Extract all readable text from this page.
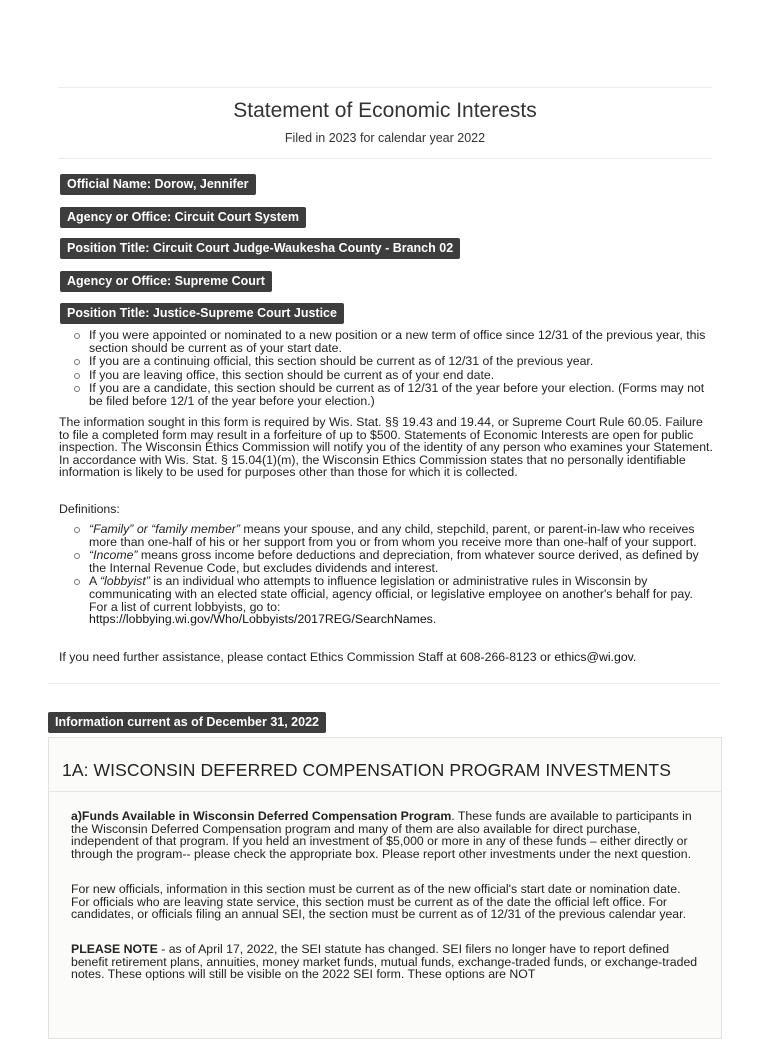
Statement of Economic Interests
Filed in 2023 for calendar year 2022
Official Name: Dorow, Jennifer
Agency or Office: Circuit Court System
Position Title: Circuit Court Judge-Waukesha County - Branch 02
Agency or Office: Supreme Court
Position Title: Justice-Supreme Court Justice
If you were appointed or nominated to a new position or a new term of office since 12/31 of the previous year, this section should be current as of your start date.
If you are a continuing official, this section should be current as of 12/31 of the previous year.
If you are leaving office, this section should be current as of your end date.
If you are a candidate, this section should be current as of 12/31 of the year before your election. (Forms may not be filed before 12/1 of the year before your election.)
The information sought in this form is required by Wis. Stat. §§ 19.43 and 19.44, or Supreme Court Rule 60.05. Failure to file a completed form may result in a forfeiture of up to $500. Statements of Economic Interests are open for public inspection. The Wisconsin Ethics Commission will notify you of the identity of any person who examines your Statement. In accordance with Wis. Stat. § 15.04(1)(m), the Wisconsin Ethics Commission states that no personally identifiable information is likely to be used for purposes other than those for which it is collected.
Definitions:
“Family” or “family member” means your spouse, and any child, stepchild, parent, or parent-in-law who receives more than one-half of his or her support from you or from whom you receive more than one-half of your support.
“Income” means gross income before deductions and depreciation, from whatever source derived, as defined by the Internal Revenue Code, but excludes dividends and interest.
A “lobbyist” is an individual who attempts to influence legislation or administrative rules in Wisconsin by communicating with an elected state official, agency official, or legislative employee on another's behalf for pay. For a list of current lobbyists, go to:
https://lobbying.wi.gov/Who/Lobbyists/2017REG/SearchNames.
If you need further assistance, please contact Ethics Commission Staff at 608-266-8123 or ethics@wi.gov.
Information current as of December 31, 2022
1A: WISCONSIN DEFERRED COMPENSATION PROGRAM INVESTMENTS
a)Funds Available in Wisconsin Deferred Compensation Program. These funds are available to participants in the Wisconsin Deferred Compensation program and many of them are also available for direct purchase, independent of that program. If you held an investment of $5,000 or more in any of these funds – either directly or through the program-- please check the appropriate box. Please report other investments under the next question.
For new officials, information in this section must be current as of the new official's start date or nomination date. For officials who are leaving state service, this section must be current as of the date the official left office. For candidates, or officials filing an annual SEI, the section must be current as of 12/31 of the previous calendar year.
PLEASE NOTE - as of April 17, 2022, the SEI statute has changed. SEI filers no longer have to report defined benefit retirement plans, annuities, money market funds, mutual funds, exchange-traded funds, or exchange-traded notes. These options will still be visible on the 2022 SEI form. These options are NOT
